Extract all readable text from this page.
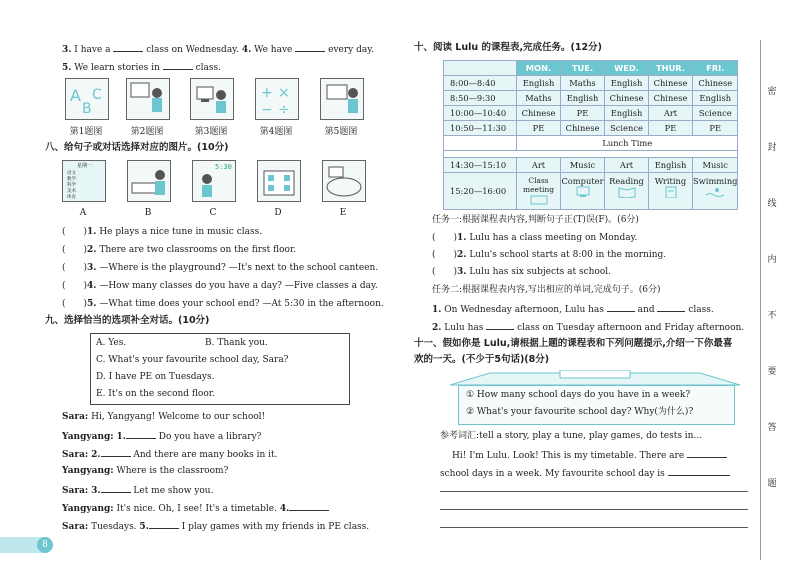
3. I have a	class on Wednesday. 4. We have	every day.
5. We learn stories in	class.
A
B
C	+ ×
− ÷
第1题图	第2题图	第3题图	第4题图	第5题图
八、给句子或对话选择对应的图片。(10分)
星期一
语文
数学
科学
美术
体育
5:30
A	B	C	D	E
(　　)1. He plays a nice tune in music class.
(　　)2. There are two classrooms on the first floor.
(　　)3. —Where is the playground? —It's next to the school canteen.
(　　)4. —How many classes do you have a day? —Five classes a day.
(　　)5. —What time does your school end? —At 5:30 in the afternoon.
九、选择恰当的选项补全对话。(10分)
A. Yes.	B. Thank you.
C. What's your favourite school day, Sara?
D. I have PE on Tuesdays.
E. It's on the second floor.
Sara: Hi, Yangyang! Welcome to our school!
Yangyang: 1.	Do you have a library?
Sara: 2.	And there are many books in it.
Yangyang: Where is the classroom?
Sara: 3.	Let me show you.
Yangyang: It's nice. Oh, I see! It's a timetable. 4.
Sara: Tuesdays. 5.	I play games with my friends in PE class.
8
十、阅读 Lulu 的课程表,完成任务。(12分)
	MON.	TUE.	WED.	THUR.	FRI.
8:00—8:40	English	Maths	English	Chinese	Chinese
8:50—9:30	Maths	English	Chinese	Chinese	English
10:00—10:40	Chinese	PE	English	Art	Science
10:50—11:30	PE	Chinese	Science	PE	PE
	Lunch Time				

14:30—15:10	Art	Music	Art	English	Music
15:20—16:00	Class meeting	Computer	Reading	Writing	Swimming
任务一:根据课程表内容,判断句子正(T)误(F)。(6分)
(　　)1. Lulu has a class meeting on Monday.
(　　)2. Lulu's school starts at 8:00 in the morning.
(　　)3. Lulu has six subjects at school.
任务二:根据课程表内容,写出相应的单词,完成句子。(6分)
1. On Wednesday afternoon, Lulu has	and	class.
2. Lulu has	class on Tuesday afternoon and Friday afternoon.
十一、假如你是 Lulu,请根据上题的课程表和下列问题提示,介绍一下你最喜
欢的一天。(不少于5句话)(8分)
① How many school days do you have in a week?
② What's your favourite school day? Why(为什么)?
参考词汇:tell a story, play a tune, play games, do tests in...
Hi! I'm Lulu. Look! This is my timetable. There are
school days in a week. My favourite school day is
密
封
线
内
不
要
答
题
